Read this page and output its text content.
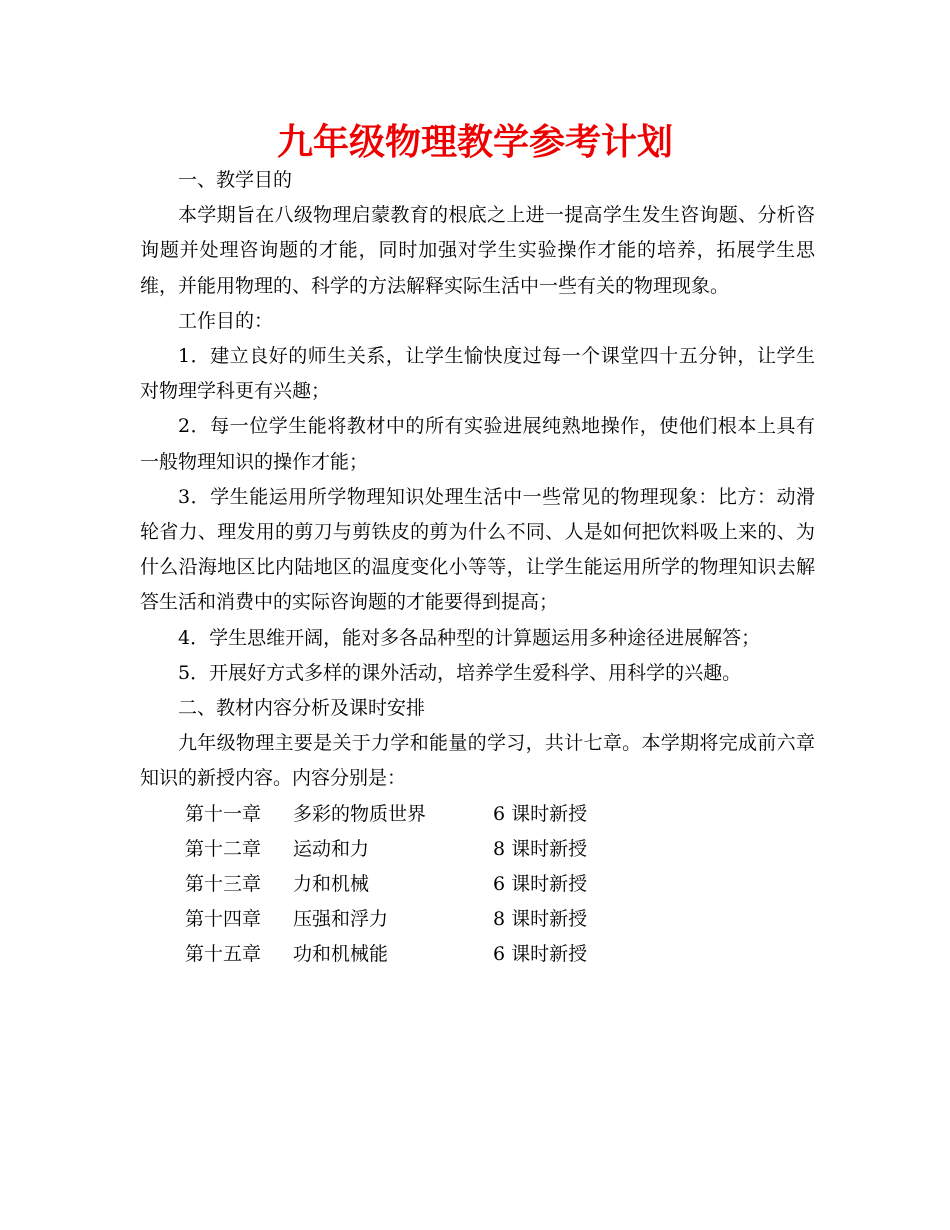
九年级物理教学参考计划

一、教学目的

本学期旨在八级物理启蒙教育的根底之上进一提高学生发生咨询题、分析咨询题并处理咨询题的才能，同时加强对学生实验操作才能的培养，拓展学生思维，并能用物理的、科学的方法解释实际生活中一些有关的物理现象。

工作目的：

1．建立良好的师生关系，让学生愉快度过每一个课堂四十五分钟，让学生对物理学科更有兴趣；

2．每一位学生能将教材中的所有实验进展纯熟地操作，使他们根本上具有一般物理知识的操作才能；

3．学生能运用所学物理知识处理生活中一些常见的物理现象：比方：动滑轮省力、理发用的剪刀与剪铁皮的剪为什么不同、人是如何把饮料吸上来的、为什么沿海地区比内陆地区的温度变化小等等，让学生能运用所学的物理知识去解答生活和消费中的实际咨询题的才能要得到提高；

4．学生思维开阔，能对多各品种型的计算题运用多种途径进展解答；

5．开展好方式多样的课外活动，培养学生爱科学、用科学的兴趣。

二、教材内容分析及课时安排

九年级物理主要是关于力学和能量的学习，共计七章。本学期将完成前六章知识的新授内容。内容分别是：

第十一章	多彩的物质世界	6 课时新授
第十二章	运动和力	8 课时新授
第十三章	力和机械	6 课时新授
第十四章	压强和浮力	8 课时新授
第十五章	功和机械能	6 课时新授
